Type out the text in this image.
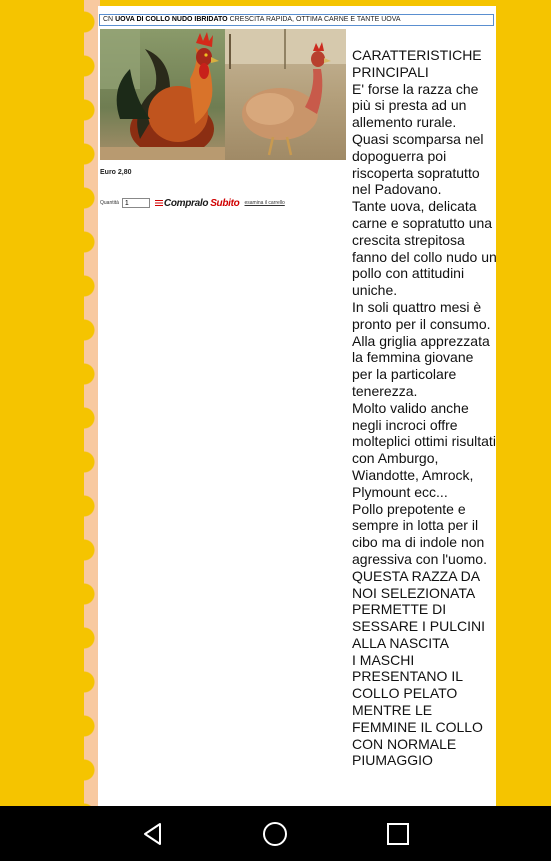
CN UOVA DI COLLO NUDO IBRIDATO CRESCITA RAPIDA, OTTIMA CARNE E TANTE UOVA
Euro 2,80
Quantità
1	Compralo Subito esamina il carrello

CARATTERISTICHE PRINCIPALI

E' forse la razza che più si presta ad un allemento rurale.

Quasi scomparsa nel dopoguerra poi riscoperta sopratutto nel Padovano.

Tante uova, delicata carne e sopratutto una crescita strepitosa fanno del collo nudo un pollo con attitudini uniche.

In soli quattro mesi è pronto per il consumo. Alla griglia apprezzata la femmina giovane per la particolare tenerezza.

Molto valido anche negli incroci offre molteplici ottimi risultati con Amburgo, Wiandotte, Amrock, Plymount ecc...

Pollo prepotente e sempre in lotta per il cibo ma di indole non agressiva con l'uomo.

QUESTA RAZZA DA NOI SELEZIONATA PERMETTE DI SESSARE I PULCINI ALLA NASCITA

I MASCHI PRESENTANO IL COLLO PELATO MENTRE LE FEMMINE IL COLLO CON NORMALE PIUMAGGIO
